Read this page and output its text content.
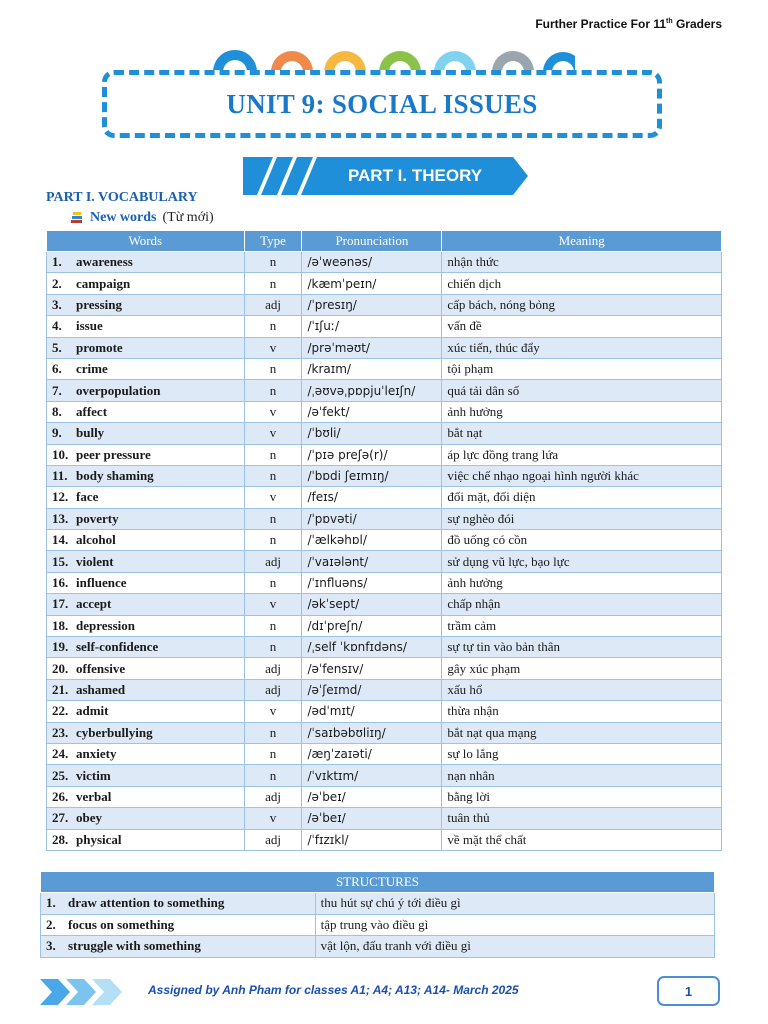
Further Practice For 11th Graders
UNIT 9: SOCIAL ISSUES
PART I. THEORY
PART I. VOCABULARY
New words (Từ mới)
Words	Type	Pronunciation	Meaning
1. awareness	n	/əˈweənəs/	nhận thức
2. campaign	n	/kæmˈpeɪn/	chiến dịch
3. pressing	adj	/ˈpresɪŋ/	cấp bách, nóng bỏng
4. issue	n	/ˈɪʃuː/	vấn đề
5. promote	v	/prəˈməʊt/	xúc tiến, thúc đẩy
6. crime	n	/kraɪm/	tội phạm
7. overpopulation	n	/ˌəʊvəˌpɒpjuˈleɪʃn/	quá tải dân số
8. affect	v	/əˈfekt/	ảnh hưởng
9. bully	v	/ˈbʊli/	bắt nạt
10. peer pressure	n	/ˈpɪə preʃə(r)/	áp lực đồng trang lứa
11. body shaming	n	/ˈbɒdi ʃeɪmɪŋ/	việc chế nhạo ngoại hình người khác
12. face	v	/feɪs/	đối mặt, đối diện
13. poverty	n	/ˈpɒvəti/	sự nghèo đói
14. alcohol	n	/ˈælkəhɒl/	đồ uống có cồn
15. violent	adj	/ˈvaɪələnt/	sử dụng vũ lực, bạo lực
16. influence	n	/ˈɪnfluəns/	ảnh hưởng
17. accept	v	/əkˈsept/	chấp nhận
18. depression	n	/dɪˈpreʃn/	trầm cảm
19. self-confidence	n	/ˌself ˈkɒnfɪdəns/	sự tự tin vào bản thân
20. offensive	adj	/əˈfensɪv/	gây xúc phạm
21. ashamed	adj	/əˈʃeɪmd/	xấu hổ
22. admit	v	/ədˈmɪt/	thừa nhận
23. cyberbullying	n	/ˈsaɪbəbʊliɪŋ/	bắt nạt qua mạng
24. anxiety	n	/æŋˈzaɪəti/	sự lo lắng
25. victim	n	/ˈvɪktɪm/	nạn nhân
26. verbal	adj	/əˈbeɪ/	bằng lời
27. obey	v	/əˈbeɪ/	tuân thủ
28. physical	adj	/ˈfɪzɪkl/	về mặt thể chất
STRUCTURES	
1. draw attention to something	thu hút sự chú ý tới điều gì
2. focus on something	tập trung vào điều gì
3. struggle with something	vật lộn, đấu tranh với điều gì
Assigned by Anh Pham for classes A1; A4; A13; A14- March 2025	1
